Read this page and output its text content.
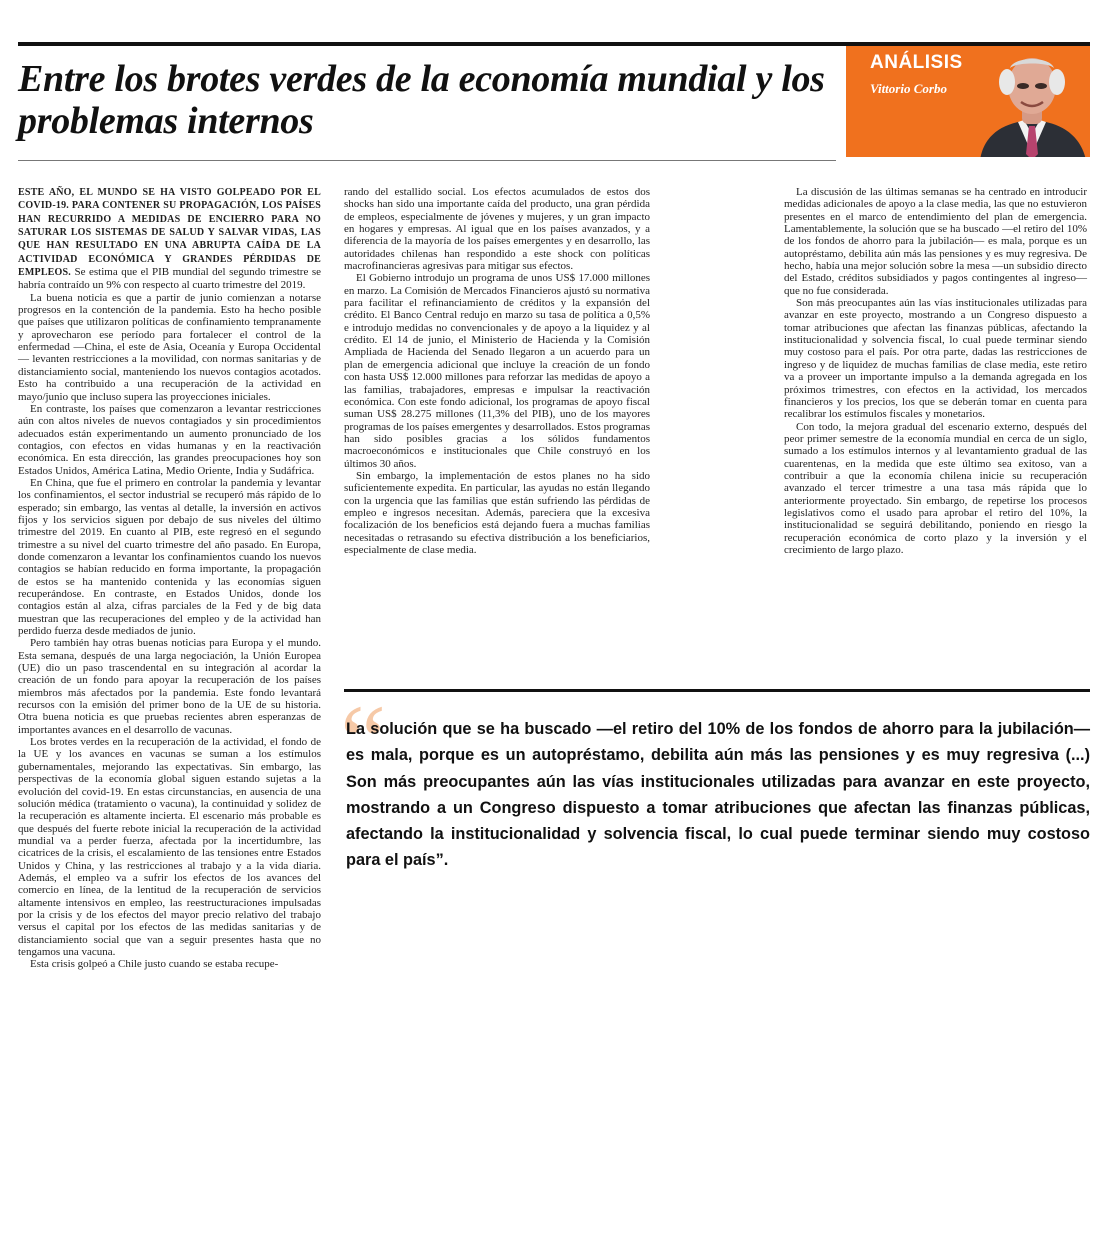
Entre los brotes verdes de la economía mundial y los problemas internos
ANÁLISIS
Vittorio Corbo

ESTE AÑO, EL MUNDO SE HA VISTO GOLPEADO POR EL COVID-19. PARA CONTENER SU PROPAGACIÓN, LOS PAÍSES HAN RECURRIDO A MEDIDAS DE ENCIERRO PARA NO SATURAR LOS SISTEMAS DE SALUD Y SALVAR VIDAS, LAS QUE HAN RESULTADO EN UNA ABRUPTA CAÍDA DE LA ACTIVIDAD ECONÓMICA Y GRANDES PÉRDIDAS DE EMPLEOS. Se estima que el PIB mundial del segundo trimestre se habría contraído un 9% con respecto al cuarto trimestre del 2019.

La buena noticia es que a partir de junio comienzan a notarse progresos en la contención de la pandemia. Esto ha hecho posible que países que utilizaron políticas de confinamiento tempranamente y aprovecharon ese período para fortalecer el control de la enfermedad —China, el este de Asia, Oceanía y Europa Occidental— levanten restricciones a la movilidad, con normas sanitarias y de distanciamiento social, manteniendo los nuevos contagios acotados. Esto ha contribuido a una recuperación de la actividad en mayo/junio que incluso supera las proyecciones iniciales.

En contraste, los países que comenzaron a levantar restricciones aún con altos niveles de nuevos contagiados y sin procedimientos adecuados están experimentando un aumento pronunciado de los contagios, con efectos en vidas humanas y en la reactivación económica. En esta dirección, las grandes preocupaciones hoy son Estados Unidos, América Latina, Medio Oriente, India y Sudáfrica.

En China, que fue el primero en controlar la pandemia y levantar los confinamientos, el sector industrial se recuperó más rápido de lo esperado; sin embargo, las ventas al detalle, la inversión en activos fijos y los servicios siguen por debajo de sus niveles del último trimestre del 2019. En cuanto al PIB, este regresó en el segundo trimestre a su nivel del cuarto trimestre del año pasado. En Europa, donde comenzaron a levantar los confinamientos cuando los nuevos contagios se habían reducido en forma importante, la propagación de estos se ha mantenido contenida y las economías siguen recuperándose. En contraste, en Estados Unidos, donde los contagios están al alza, cifras parciales de la Fed y de big data muestran que las recuperaciones del empleo y de la actividad han perdido fuerza desde mediados de junio.

Pero también hay otras buenas noticias para Europa y el mundo. Esta semana, después de una larga negociación, la Unión Europea (UE) dio un paso trascendental en su integración al acordar la creación de un fondo para apoyar la recuperación de los países miembros más afectados por la pandemia. Este fondo levantará recursos con la emisión del primer bono de la UE de su historia. Otra buena noticia es que pruebas recientes abren esperanzas de importantes avances en el desarrollo de vacunas.

Los brotes verdes en la recuperación de la actividad, el fondo de la UE y los avances en vacunas se suman a los estímulos gubernamentales, mejorando las expectativas. Sin embargo, las perspectivas de la economía global siguen estando sujetas a la evolución del covid-19. En estas circunstancias, en ausencia de una solución médica (tratamiento o vacuna), la continuidad y solidez de la recuperación es altamente incierta. El escenario más probable es que después del fuerte rebote inicial la recuperación de la actividad mundial va a perder fuerza, afectada por la incertidumbre, las cicatrices de la crisis, el escalamiento de las tensiones entre Estados Unidos y China, y las restricciones al trabajo y a la vida diaria. Además, el empleo va a sufrir los efectos de los avances del comercio en línea, de la lentitud de la recuperación de servicios altamente intensivos en empleo, las reestructuraciones impulsadas por la crisis y de los efectos del mayor precio relativo del trabajo versus el capital por los efectos de las medidas sanitarias y de distanciamiento social que van a seguir presentes hasta que no tengamos una vacuna.

Esta crisis golpeó a Chile justo cuando se estaba recupe-

rando del estallido social. Los efectos acumulados de estos dos shocks han sido una importante caída del producto, una gran pérdida de empleos, especialmente de jóvenes y mujeres, y un gran impacto en hogares y empresas. Al igual que en los países avanzados, y a diferencia de la mayoría de los países emergentes y en desarrollo, las autoridades chilenas han respondido a este shock con políticas macrofinancieras agresivas para mitigar sus efectos.

El Gobierno introdujo un programa de unos US$ 17.000 millones en marzo. La Comisión de Mercados Financieros ajustó su normativa para facilitar el refinanciamiento de créditos y la expansión del crédito. El Banco Central redujo en marzo su tasa de política a 0,5% e introdujo medidas no convencionales y de apoyo a la liquidez y al crédito. El 14 de junio, el Ministerio de Hacienda y la Comisión Ampliada de Hacienda del Senado llegaron a un acuerdo para un plan de emergencia adicional que incluye la creación de un fondo con hasta US$ 12.000 millones para reforzar las medidas de apoyo a las familias, trabajadores, empresas e impulsar la reactivación económica. Con este fondo adicional, los programas de apoyo fiscal suman US$ 28.275 millones (11,3% del PIB), uno de los mayores programas de los países emergentes y desarrollados. Estos programas han sido posibles gracias a los sólidos fundamentos macroeconómicos e institucionales que Chile construyó en los últimos 30 años.

Sin embargo, la implementación de estos planes no ha sido suficientemente expedita. En particular, las ayudas no están llegando con la urgencia que las familias que están sufriendo las pérdidas de empleo e ingresos necesitan. Además, pareciera que la excesiva focalización de los beneficios está dejando fuera a muchas familias necesitadas o retrasando su efectiva distribución a los beneficiarios, especialmente de clase media.

La discusión de las últimas semanas se ha centrado en introducir medidas adicionales de apoyo a la clase media, las que no estuvieron presentes en el marco de entendimiento del plan de emergencia. Lamentablemente, la solución que se ha buscado —el retiro del 10% de los fondos de ahorro para la jubilación— es mala, porque es un autopréstamo, debilita aún más las pensiones y es muy regresiva. De hecho, había una mejor solución sobre la mesa —un subsidio directo del Estado, créditos subsidiados y pagos contingentes al ingreso— que no fue considerada.

Son más preocupantes aún las vías institucionales utilizadas para avanzar en este proyecto, mostrando a un Congreso dispuesto a tomar atribuciones que afectan las finanzas públicas, afectando la institucionalidad y solvencia fiscal, lo cual puede terminar siendo muy costoso para el país. Por otra parte, dadas las restricciones de ingreso y de liquidez de muchas familias de clase media, este retiro va a proveer un importante impulso a la demanda agregada en los próximos trimestres, con efectos en la actividad, los mercados financieros y los precios, los que se deberán tomar en cuenta para recalibrar los estímulos fiscales y monetarios.

Con todo, la mejora gradual del escenario externo, después del peor primer semestre de la economía mundial en cerca de un siglo, sumado a los estímulos internos y al levantamiento gradual de las cuarentenas, en la medida que este último sea exitoso, van a contribuir a que la economía chilena inicie su recuperación avanzado el tercer trimestre a una tasa más rápida que lo anteriormente proyectado. Sin embargo, de repetirse los procesos legislativos como el usado para aprobar el retiro del 10%, la institucionalidad se seguirá debilitando, poniendo en riesgo la recuperación económica de corto plazo y la inversión y el crecimiento de largo plazo.

“
La solución que se ha buscado —el retiro del 10% de los fondos de ahorro para la jubilación— es mala, porque es un autopréstamo, debilita aún más las pensiones y es muy regresiva (...) Son más preocupantes aún las vías institucionales utilizadas para avanzar en este proyecto, mostrando a un Congreso dispuesto a tomar atribuciones que afectan las finanzas públicas, afectando la institucionalidad y solvencia fiscal, lo cual puede terminar siendo muy costoso para el país”.
